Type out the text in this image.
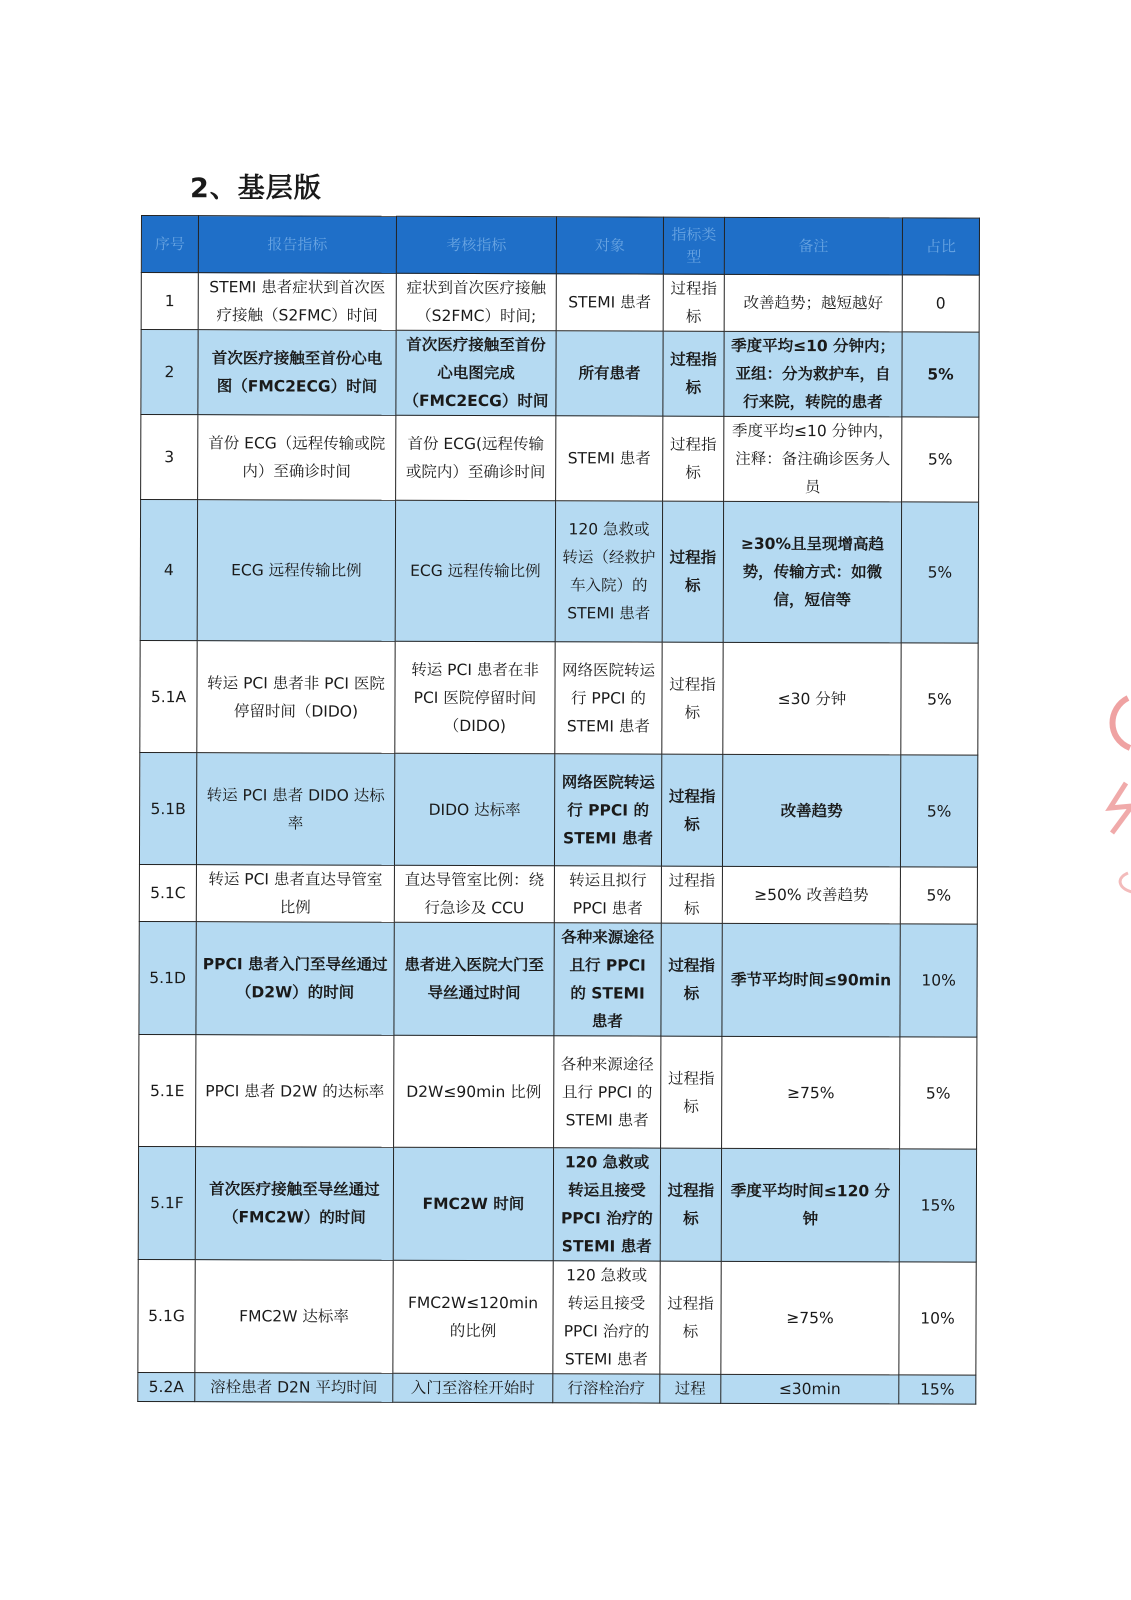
2、基层版
序号	报告指标	考核指标	对象	指标类型	备注	占比
1	STEMI 患者症状到首次医疗接触（S2FMC）时间	症状到首次医疗接触（S2FMC）时间;	STEMI 患者	过程指标	改善趋势；越短越好	0
2	首次医疗接触至首份心电图（FMC2ECG）时间	首次医疗接触至首份心电图完成（FMC2ECG）时间	所有患者	过程指标	季度平均≤10 分钟内；亚组：分为救护车，自行来院，转院的患者	5%
3	首份 ECG（远程传输或院内）至确诊时间	首份 ECG(远程传输或院内）至确诊时间	STEMI 患者	过程指标	季度平均≤10 分钟内，注释：备注确诊医务人员	5%
4	ECG 远程传输比例	ECG 远程传输比例	120 急救或转运（经救护车入院）的 STEMI 患者	过程指标	≥30%且呈现增高趋势，传输方式：如微信，短信等	5%
5.1A	转运 PCI 患者非 PCI 医院停留时间（DIDO)	转运 PCI 患者在非 PCI 医院停留时间（DIDO)	网络医院转运行 PPCI 的 STEMI 患者	过程指标	≤30 分钟	5%
5.1B	转运 PCI 患者 DIDO 达标率	DIDO 达标率	网络医院转运行 PPCI 的 STEMI 患者	过程指标	改善趋势	5%
5.1C	转运 PCI 患者直达导管室比例	直达导管室比例：绕行急诊及 CCU	转运且拟行 PPCI 患者	过程指标	≥50% 改善趋势	5%
5.1D	PPCI 患者入门至导丝通过（D2W）的时间	患者进入医院大门至导丝通过时间	各种来源途径且行 PPCI 的 STEMI 患者	过程指标	季节平均时间≤90min	10%
5.1E	PPCI 患者 D2W 的达标率	D2W≤90min 比例	各种来源途径且行 PPCI 的 STEMI 患者	过程指标	≥75%	5%
5.1F	首次医疗接触至导丝通过（FMC2W）的时间	FMC2W 时间	120 急救或转运且接受 PPCI 治疗的 STEMI 患者	过程指标	季度平均时间≤120 分钟	15%
5.1G	FMC2W 达标率	FMC2W≤120min 的比例	120 急救或转运且接受 PPCI 治疗的 STEMI 患者	过程指标	≥75%	10%
5.2A	溶栓患者 D2N 平均时间	入门至溶栓开始时	行溶栓治疗	过程	≤30min	15%
